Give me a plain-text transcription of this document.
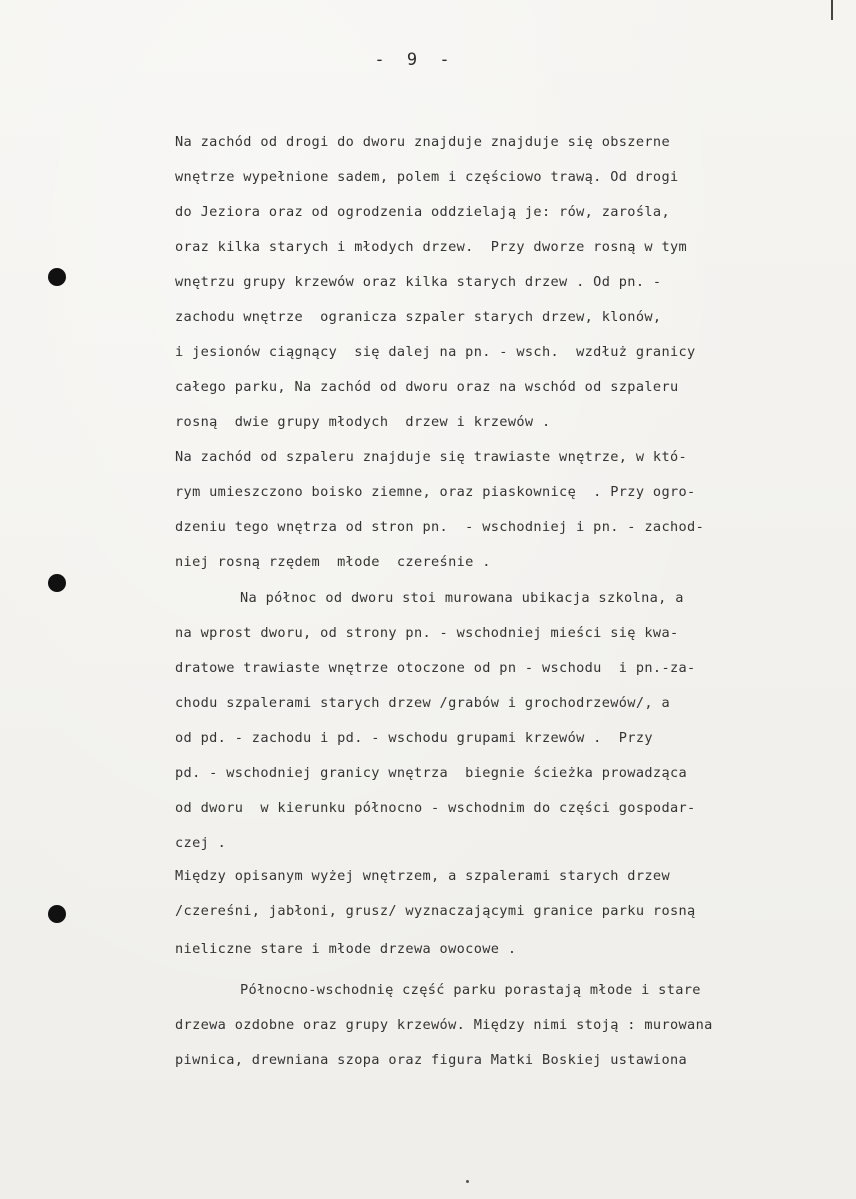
- 9 -
Na zachód od drogi do dworu znajduje znajduje się obszerne
wnętrze wypełnione sadem, polem i częściowo trawą. Od drogi
do Jeziora oraz od ogrodzenia oddzielają je: rów, zarośla,
oraz kilka starych i młodych drzew.  Przy dworze rosną w tym
wnętrzu grupy krzewów oraz kilka starych drzew . Od pn. -
zachodu wnętrze  ogranicza szpaler starych drzew, klonów,
i jesionów ciągnący  się dalej na pn. - wsch.  wzdłuż granicy
całego parku, Na zachód od dworu oraz na wschód od szpaleru
rosną  dwie grupy młodych  drzew i krzewów .
Na zachód od szpaleru znajduje się trawiaste wnętrze, w któ-
rym umieszczono boisko ziemne, oraz piaskownicę  . Przy ogro-
dzeniu tego wnętrza od stron pn.  - wschodniej i pn. - zachod-
niej rosną rzędem  młode  czereśnie .
Na północ od dworu stoi murowana ubikacja szkolna, a
na wprost dworu, od strony pn. - wschodniej mieści się kwa-
dratowe trawiaste wnętrze otoczone od pn - wschodu  i pn.-za-
chodu szpalerami starych drzew /grabów i grochodrzewów/, a
od pd. - zachodu i pd. - wschodu grupami krzewów .  Przy
pd. - wschodniej granicy wnętrza  biegnie ścieżka prowadząca
od dworu  w kierunku północno - wschodnim do części gospodar-
czej .
Między opisanym wyżej wnętrzem, a szpalerami starych drzew
/czereśni, jabłoni, grusz/ wyznaczającymi granice parku rosną
nieliczne stare i młode drzewa owocowe .
Północno-wschodnię część parku porastają młode i stare
drzewa ozdobne oraz grupy krzewów. Między nimi stoją : murowana
piwnica, drewniana szopa oraz figura Matki Boskiej ustawiona
